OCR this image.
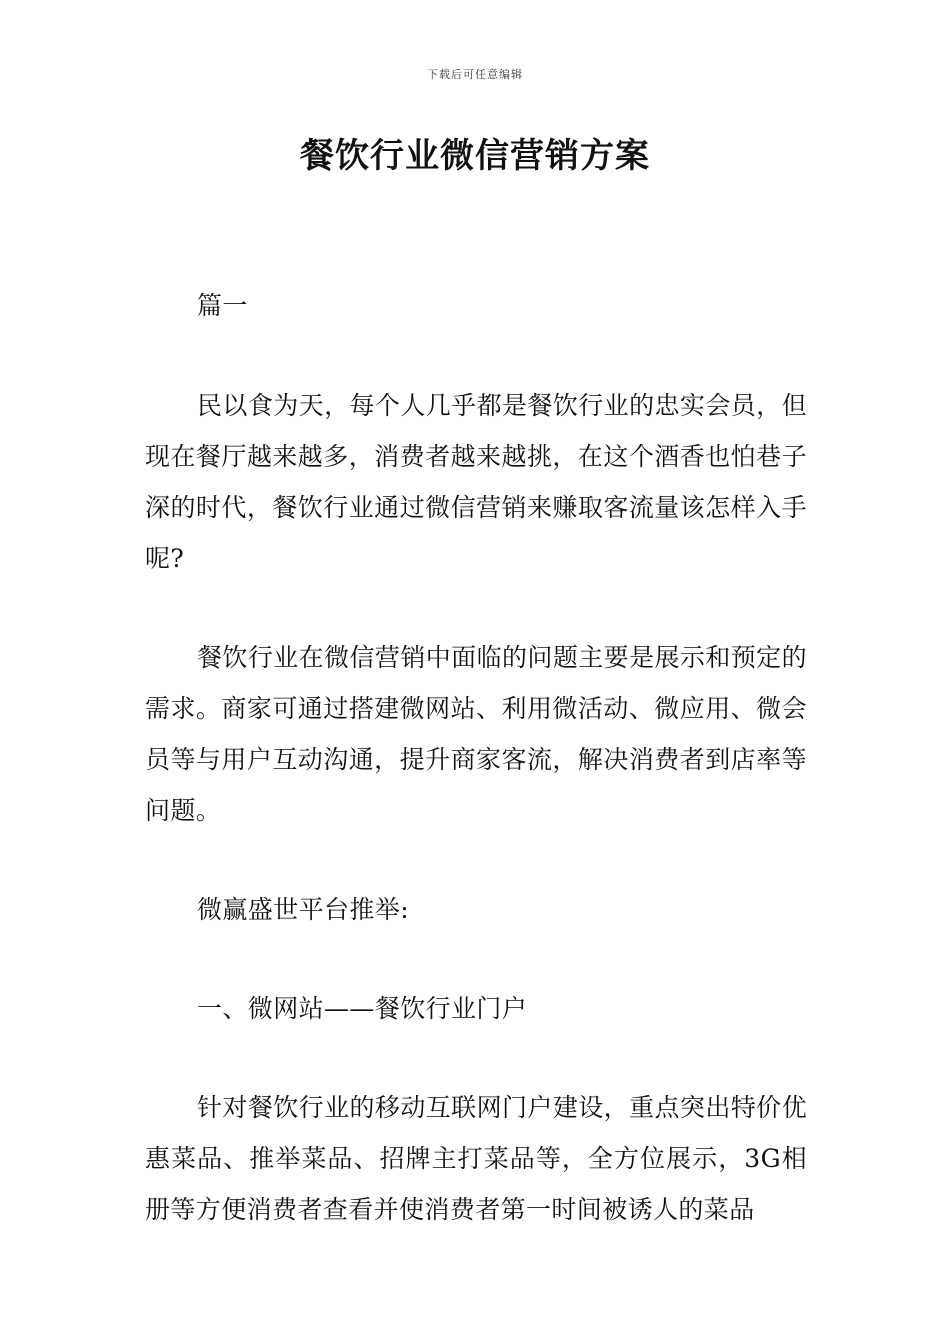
下载后可任意编辑
餐饮行业微信营销方案

篇一

民以食为天，每个人几乎都是餐饮行业的忠实会员，但现在餐厅越来越多，消费者越来越挑，在这个酒香也怕巷子深的时代，餐饮行业通过微信营销来赚取客流量该怎样入手呢?

餐饮行业在微信营销中面临的问题主要是展示和预定的需求。商家可通过搭建微网站、利用微活动、微应用、微会员等与用户互动沟通，提升商家客流，解决消费者到店率等问题。

微赢盛世平台推举:

一、微网站——餐饮行业门户

针对餐饮行业的移动互联网门户建设，重点突出特价优惠菜品、推举菜品、招牌主打菜品等，全方位展示，3G相册等方便消费者查看并使消费者第一时间被诱人的菜品
